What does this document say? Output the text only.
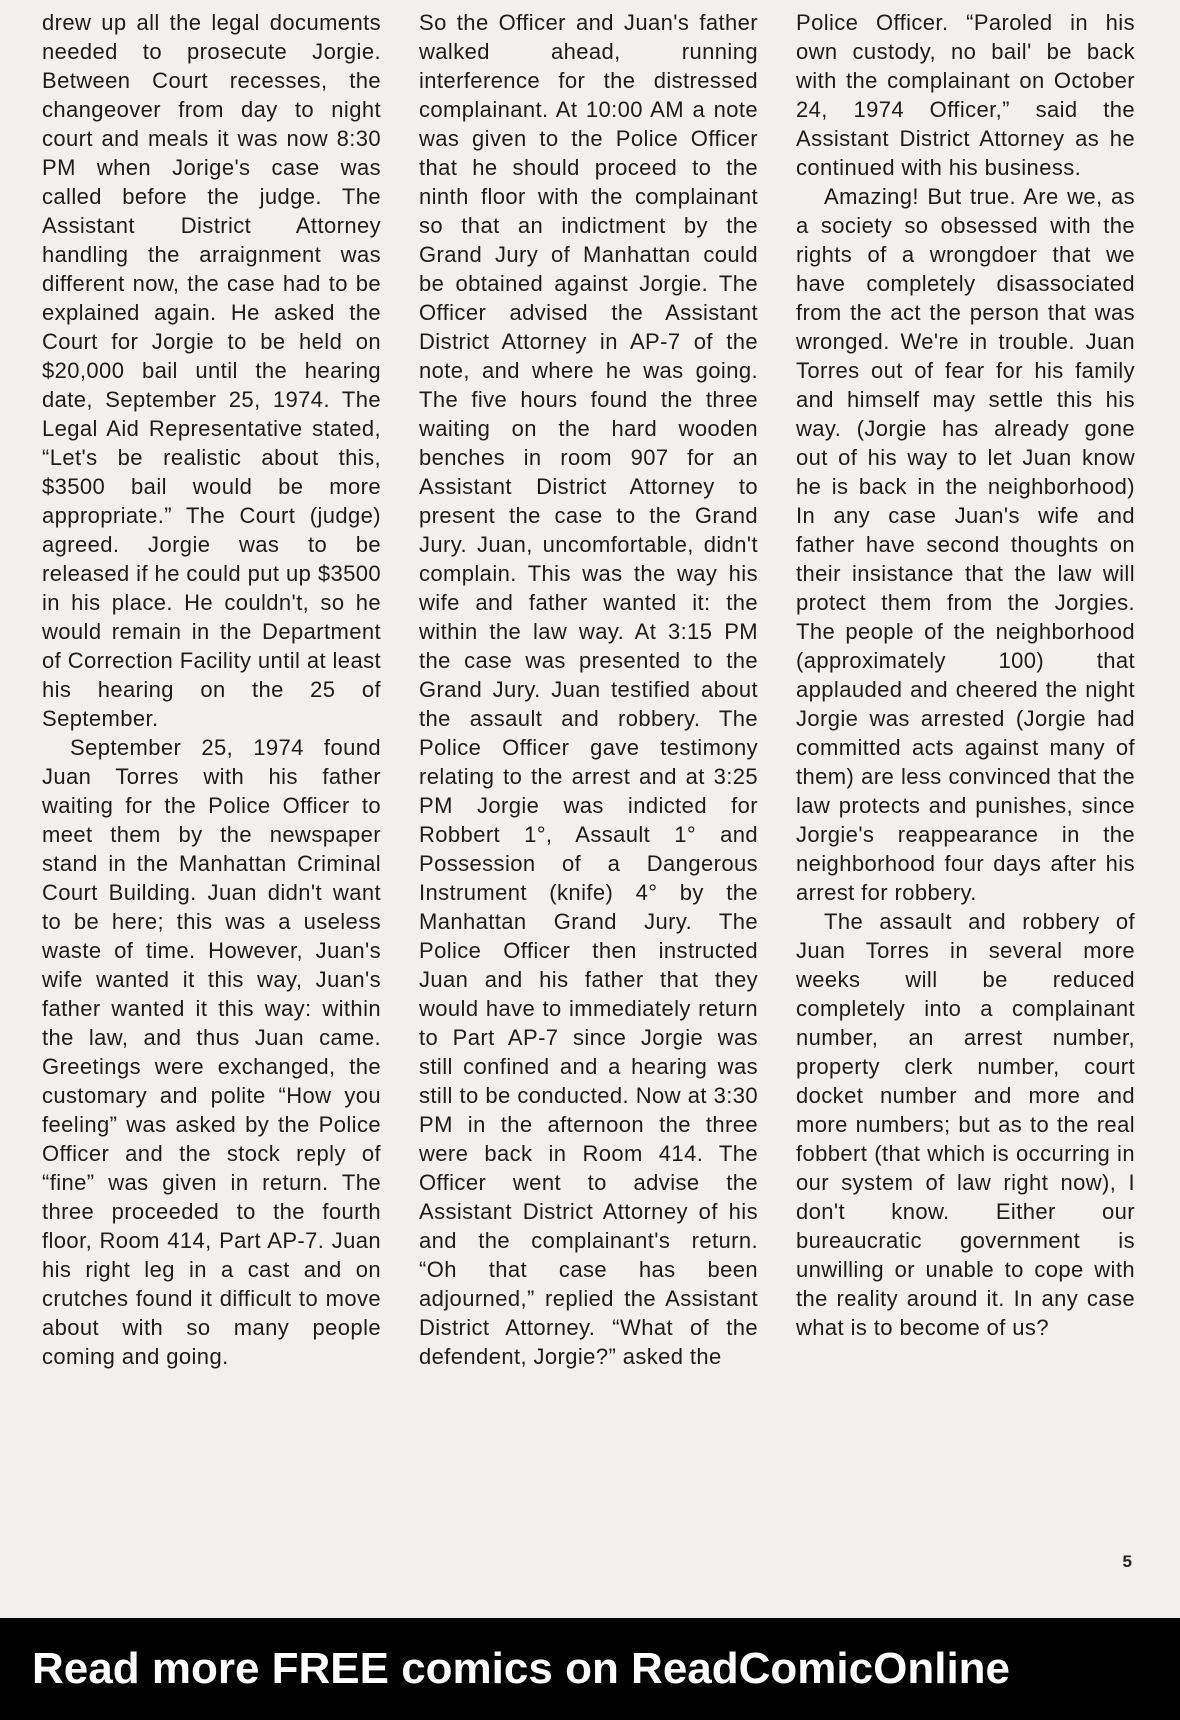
drew up all the legal documents needed to prosecute Jorgie. Between Court recesses, the changeover from day to night court and meals it was now 8:30 PM when Jorige's case was called before the judge. The Assistant District Attorney handling the arraignment was different now, the case had to be explained again. He asked the Court for Jorgie to be held on $20,000 bail until the hearing date, September 25, 1974. The Legal Aid Representative stated, “Let's be realistic about this, $3500 bail would be more appropriate.” The Court (judge) agreed. Jorgie was to be released if he could put up $3500 in his place. He couldn't, so he would remain in the Department of Correction Facility until at least his hearing on the 25 of September.

September 25, 1974 found Juan Torres with his father waiting for the Police Officer to meet them by the newspaper stand in the Manhattan Criminal Court Building. Juan didn't want to be here; this was a useless waste of time. However, Juan's wife wanted it this way, Juan's father wanted it this way: within the law, and thus Juan came. Greetings were exchanged, the customary and polite “How you feeling” was asked by the Police Officer and the stock reply of “fine” was given in return. The three proceeded to the fourth floor, Room 414, Part AP-7. Juan his right leg in a cast and on crutches found it difficult to move about with so many people coming and going.

So the Officer and Juan's father walked ahead, running interference for the distressed complainant. At 10:00 AM a note was given to the Police Officer that he should proceed to the ninth floor with the complainant so that an indictment by the Grand Jury of Manhattan could be obtained against Jorgie. The Officer advised the Assistant District Attorney in AP-7 of the note, and where he was going. The five hours found the three waiting on the hard wooden benches in room 907 for an Assistant District Attorney to present the case to the Grand Jury. Juan, uncomfortable, didn't complain. This was the way his wife and father wanted it: the within the law way. At 3:15 PM the case was presented to the Grand Jury. Juan testified about the assault and robbery. The Police Officer gave testimony relating to the arrest and at 3:25 PM Jorgie was indicted for Robbert 1°, Assault 1° and Possession of a Dangerous Instrument (knife) 4° by the Manhattan Grand Jury. The Police Officer then instructed Juan and his father that they would have to immediately return to Part AP-7 since Jorgie was still confined and a hearing was still to be conducted. Now at 3:30 PM in the afternoon the three were back in Room 414. The Officer went to advise the Assistant District Attorney of his and the complainant's return. “Oh that case has been adjourned,” replied the Assistant District Attorney. “What of the defendent, Jorgie?” asked the

Police Officer. “Paroled in his own custody, no bail' be back with the complainant on October 24, 1974 Officer,” said the Assistant District Attorney as he continued with his business.

Amazing! But true. Are we, as a society so obsessed with the rights of a wrongdoer that we have completely disassociated from the act the person that was wronged. We're in trouble. Juan Torres out of fear for his family and himself may settle this his way. (Jorgie has already gone out of his way to let Juan know he is back in the neighborhood) In any case Juan's wife and father have second thoughts on their insistance that the law will protect them from the Jorgies. The people of the neighborhood (approximately 100) that applauded and cheered the night Jorgie was arrested (Jorgie had committed acts against many of them) are less convinced that the law protects and punishes, since Jorgie's reappearance in the neighborhood four days after his arrest for robbery.

The assault and robbery of Juan Torres in several more weeks will be reduced completely into a complainant number, an arrest number, property clerk number, court docket number and more and more numbers; but as to the real fobbert (that which is occurring in our system of law right now), I don't know. Either our bureaucratic government is unwilling or unable to cope with the reality around it. In any case what is to become of us?

5
Read more FREE comics on ReadComicOnline
